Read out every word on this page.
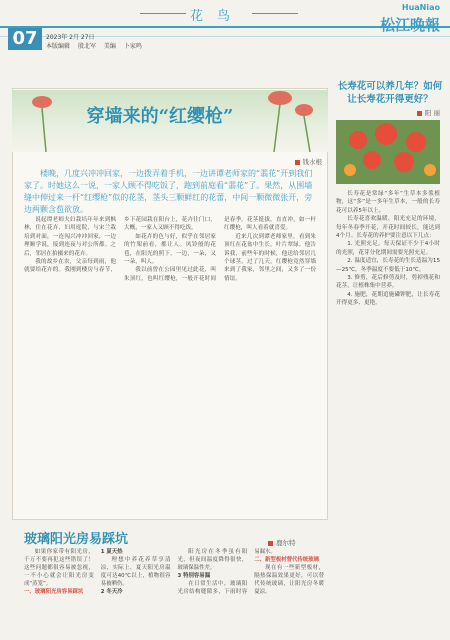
07	2023年 2月 27日
本版编辑 殷北军 美编 卜家鸣
花鸟
HuaNiao
松江晚報
穿墙来的“红缨枪”
钱水根
楼晚，几度兴冲冲回家，一边拨弄着手机，一边讲谭老师家的“翡花”开到我们家了。时她这么一说，一家人顾不得吃饭了，跑到前庭看“翡花”了。果然，从围墙缝中伸过来一杆“红缨枪”似的花茎，茎头三颗鲜红的花蕾，中间一颗微微张开，旁边两颗含苞欲放。

说起谭老师夫妇栽培年年来到枫林，住在花卉、妇用庭院，与宋兰栽培到对面，一连闯兴冲冲回家，一边理顺学说，接到连夜与对公所都。之后，邻居在拍摄来的花卉。

我的故乡在农，父亲每到雨，他就要给花卉的。我刚到楼房与春节，乡下花园栽在阳台上，花卉往门口，大概，一家人又顾不得吃饭。

如花卉的色与好，似乎在邻居家的竹架前看，都让人。风铃般的花苞，在阳光的照下，一边，一朵，又一朵，叫人。

我以前曾在公园里见过此花，叫朱顶红，也叫红缨枪，一般开花时间是春季。花茎挺拔，直直冲，如一杆红缨枪，叫人看着就喜爱。

近来几次到谭老师家里，看到朱顶红在花盆中生长，叶片翠绿。他告诉我，前些年的时候，他送给邻居几个球茎。过了几天，红缨枪竟然穿墙来到了我家，邻里之间，又多了一份情谊。

长寿花可以养几年？如何让长寿花开得更好？
阳 丽

长寿花是常绿“多年”生草本多浆植物，这“多”是一多年生草本，一般的长寿花可以养5年以上。

长寿花喜欢温暖、阳光充足的环境，每年冬春季开花，开花时间较长，能达到4个月。长寿花的养护要注意以下几点：

1. 光照充足，每天保证不少于4小时的光照，花芽分化期间需要光照充足。

2. 温度适宜，长寿花的生长适温为15—25℃，冬季温度不要低于10℃。

3. 修剪，花后修剪及时，剪掉残花和花茎，让植株集中营养。

4. 施肥，花期追施磷钾肥，让长寿花开得更多、更艳。

玻璃阳光房易踩坑	鹿尔特

如果你家带有阳光房，千万不要再犯这些错误了！这些问题都很容易被忽视，一不小心就会让阳光房变成“蒸笼”。

一、玻璃阳光房容易踩坑

1 夏天热

理想中养花养草享清凉，实际上，夏天阳光房温度可达40℃以上，植物很容易被晒伤。

2 冬天冷

阳光房在冬季虽有阳光，但夜间温度降得很快，玻璃保温性差。

3 特别容易漏

在日常生活中，玻璃阳光房结构缝隙多，下雨时容易漏水。

二、新型板材替代传统玻璃

现在有一些新型板材，隔热保温效果更好，可以替代传统玻璃，让阳光房冬暖夏凉。
